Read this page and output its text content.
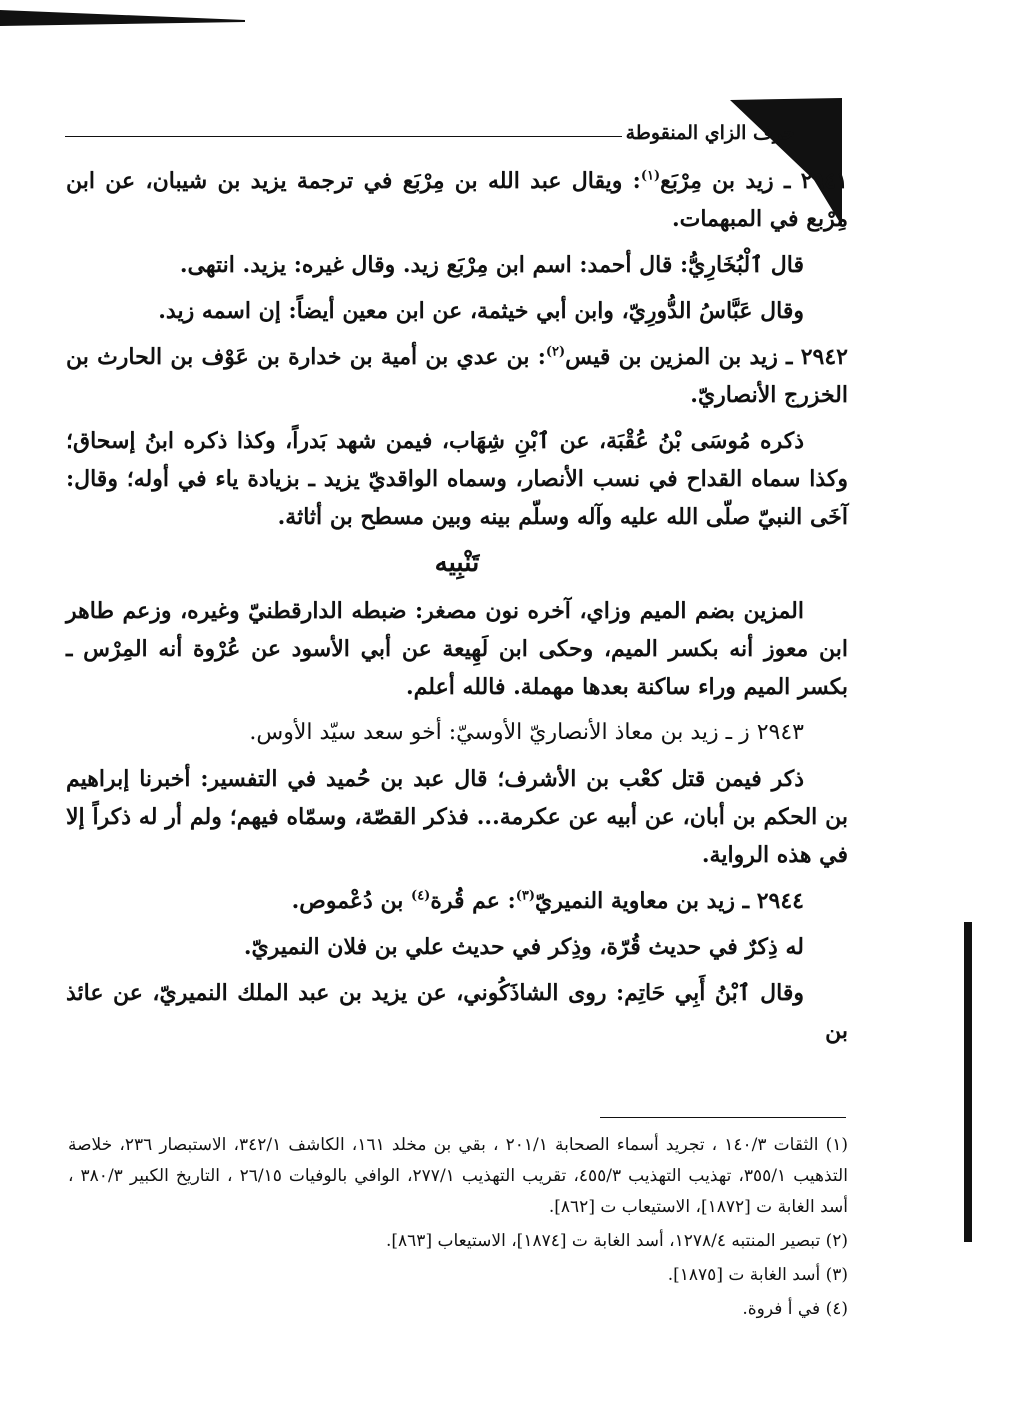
حرف الزاي المنقوطة

٢٩٤١ ـ زيد بن مِرْبَع$^{(١)}$: ويقال عبد الله بن مِرْبَع في ترجمة يزيد بن شيبان، عن ابن مِرْبع في المبهمات.

قال ٱلْبُخَارِيُّ: قال أحمد: اسم ابن مِرْبَع زيد. وقال غيره: يزيد. انتهى.

وقال عَبَّاسُ الدُّورِيّ، وابن أبي خيثمة، عن ابن معين أيضاً: إن اسمه زيد.

٢٩٤٢ ـ زيد بن المزين بن قيس$^{(٢)}$: بن عدي بن أمية بن خدارة بن عَوْف بن الحارث بن الخزرج الأنصاريّ.

ذكره مُوسَى بْنُ عُقْبَة، عن ٱبْنِ شِهَاب، فيمن شهد بَدراً، وكذا ذكره ابنُ إسحاق؛ وكذا سماه القداح في نسب الأنصار، وسماه الواقديّ يزيد ـ بزيادة ياء في أوله؛ وقال: آخَى النبيّ صلّى الله عليه وآله وسلّم بينه وبين مسطح بن أثاثة.

تَنْبِيه

المزين بضم الميم وزاي، آخره نون مصغر: ضبطه الدارقطنيّ وغيره، وزعم طاهر ابن معوز أنه بكسر الميم، وحكى ابن لَهِيعة عن أبي الأسود عن عُرْوة أنه المِرْس ـ بكسر الميم وراء ساكنة بعدها مهملة. فالله أعلم.

٢٩٤٣ ز ـ زيد بن معاذ الأنصاريّ الأوسيّ: أخو سعد سيّد الأوس.

ذكر فيمن قتل كعْب بن الأشرف؛ قال عبد بن حُميد في التفسير: أخبرنا إبراهيم بن الحكم بن أبان، عن أبيه عن عكرمة... فذكر القصّة، وسمّاه فيهم؛ ولم أر له ذكراً إلا في هذه الرواية.

٢٩٤٤ ـ زيد بن معاوية النميريّ$^{(٣)}$: عم قُرة$^{(٤)}$ بن دُعْموص.

له ذِكرٌ في حديث قُرّة، وذِكر في حديث علي بن فلان النميريّ.

وقال ٱبْنُ أَبِي حَاتِم: روى الشاذَكُوني، عن يزيد بن عبد الملك النميريّ، عن عائذ بن

(١) الثقات ١٤٠/٣ ، تجريد أسماء الصحابة ٢٠١/١ ، بقي بن مخلد ١٦١، الكاشف ٣٤٢/١، الاستبصار ٢٣٦، خلاصة التذهيب ٣٥٥/١، تهذيب التهذيب ٤٥٥/٣، تقريب التهذيب ٢٧٧/١، الوافي بالوفيات ٢٦/١٥ ، التاريخ الكبير ٣٨٠/٣ ، أسد الغابة ت [١٨٧٢]، الاستيعاب ت [٨٦٢].

(٢) تبصير المنتبه ١٢٧٨/٤، أسد الغابة ت [١٨٧٤]، الاستيعاب [٨٦٣].

(٣) أسد الغابة ت [١٨٧٥].

(٤) في أ فروة.
